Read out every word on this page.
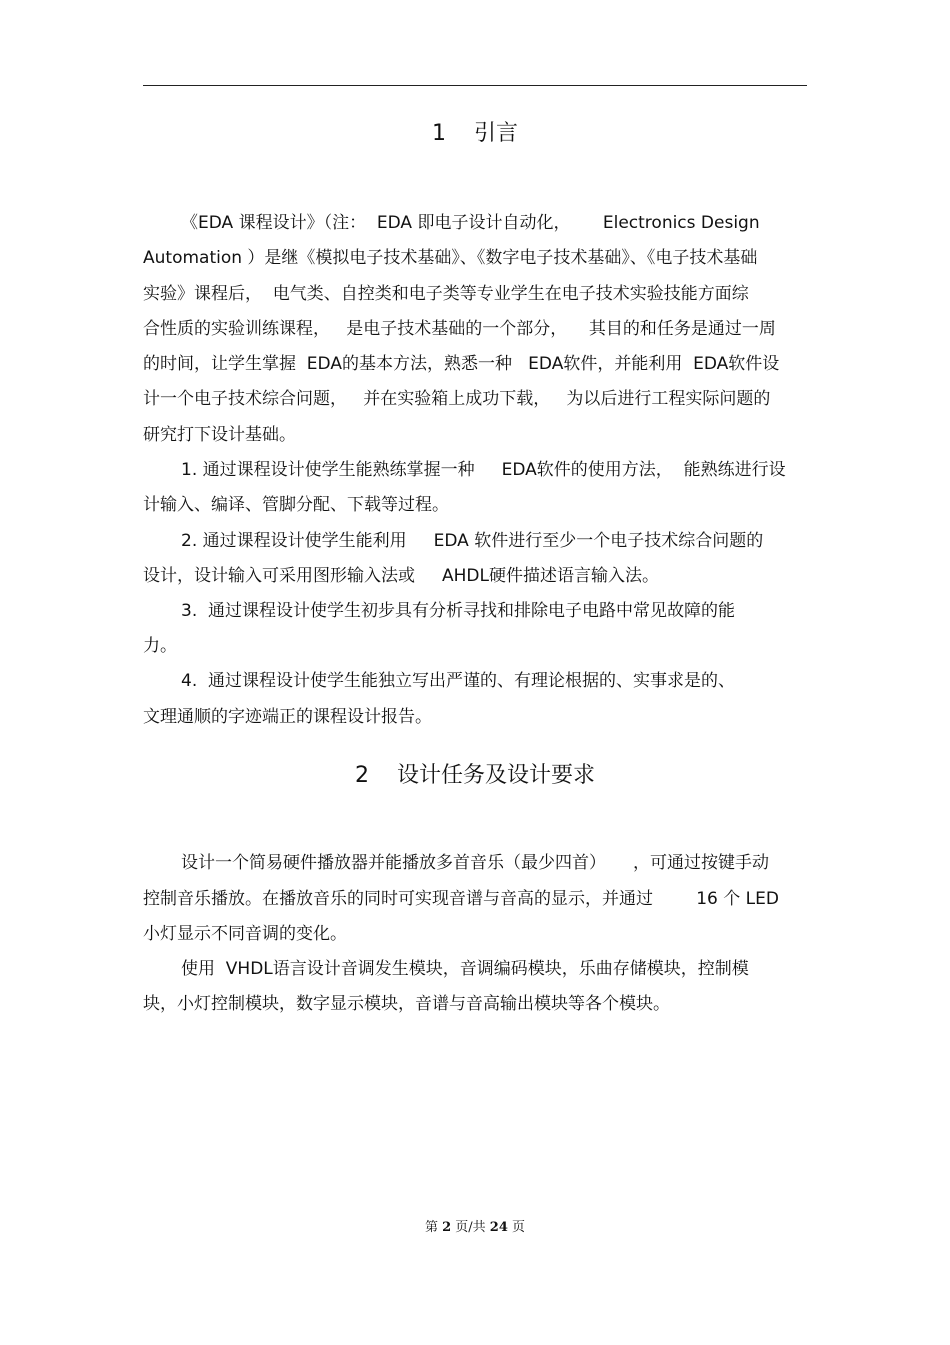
1 引言
《EDA 课程设计》（注：  EDA 即电子设计自动化，      Electronics Design
Automation ）是继《模拟电子技术基础》、《数字电子技术基础》、《电子技术基础
实验》课程后，  电气类、自控类和电子类等专业学生在电子技术实验技能方面综
合性质的实验训练课程，   是电子技术基础的一个部分，    其目的和任务是通过一周
的时间，让学生掌握  EDA的基本方法，熟悉一种   EDA软件，并能利用  EDA软件设
计一个电子技术综合问题，   并在实验箱上成功下载，   为以后进行工程实际问题的
研究打下设计基础。
1. 通过课程设计使学生能熟练掌握一种     EDA软件的使用方法，  能熟练进行设
计输入、编译、管脚分配、下载等过程。
2. 通过课程设计使学生能利用     EDA 软件进行至少一个电子技术综合问题的
设计，设计输入可采用图形输入法或     AHDL硬件描述语言输入法。
3.  通过课程设计使学生初步具有分析寻找和排除电子电路中常见故障的能
力。
4.  通过课程设计使学生能独立写出严谨的、有理论根据的、实事求是的、
文理通顺的字迹端正的课程设计报告。
2 设计任务及设计要求
设计一个简易硬件播放器并能播放多首音乐（最少四首）     ，可通过按键手动
控制音乐播放。在播放音乐的同时可实现音谱与音高的显示，并通过        16 个 LED
小灯显示不同音调的变化。
使用  VHDL语言设计音调发生模块，音调编码模块，乐曲存储模块，控制模
块，小灯控制模块，数字显示模块，音谱与音高输出模块等各个模块。
第 2 页/共 24 页
